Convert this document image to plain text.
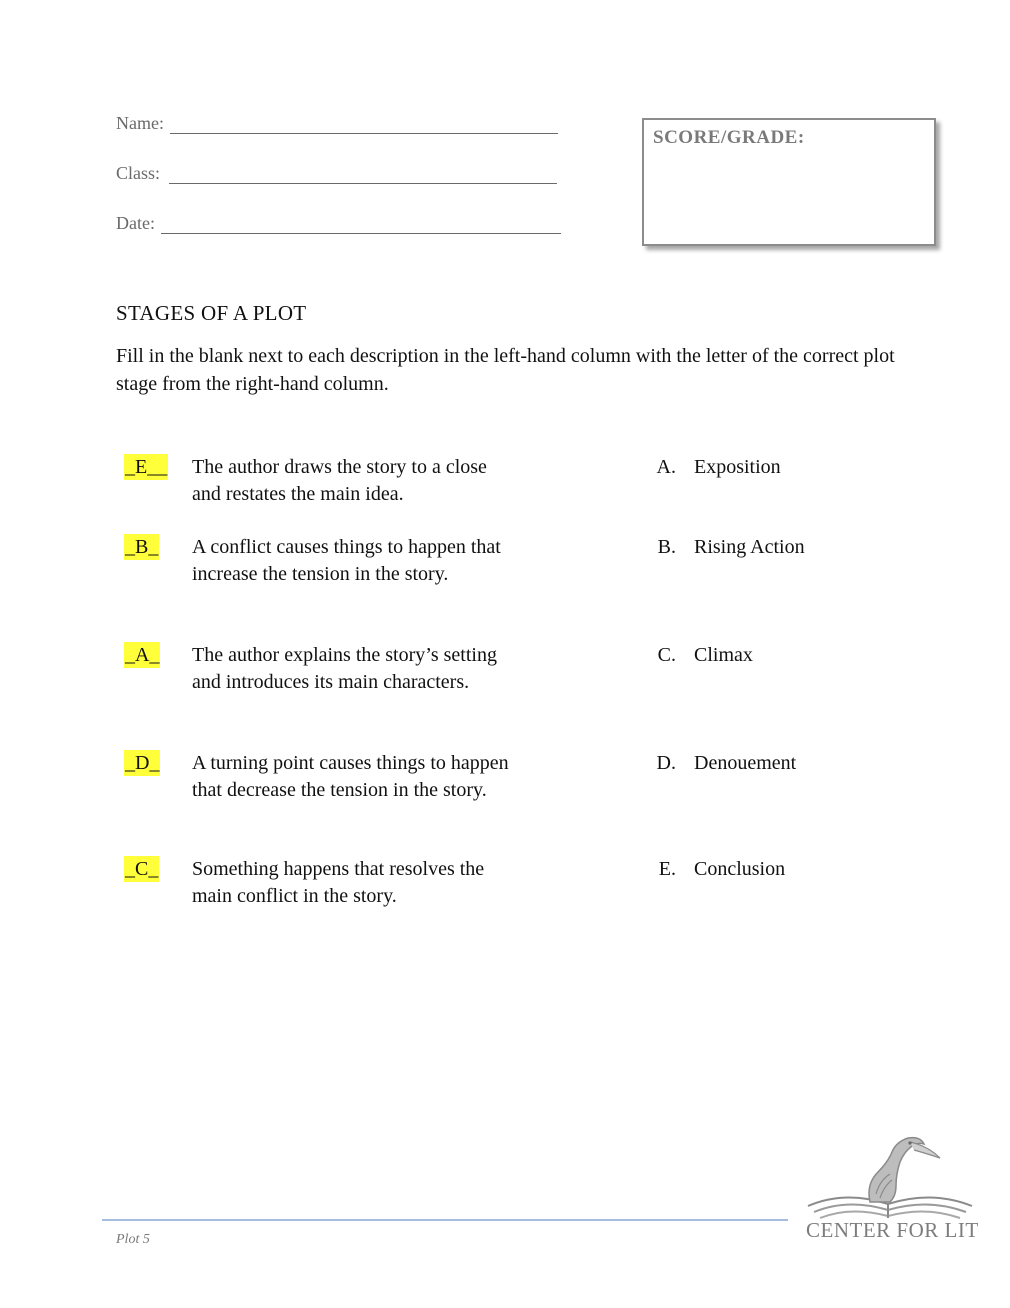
Name:
Class:
Date:
SCORE/GRADE:
STAGES OF A PLOT

Fill in the blank next to each description in the left-hand column with the letter of the correct plot stage from the right-hand column.

_E__ The author draws the story to a close and restates the main idea.

A. Exposition
_B_ A conflict causes things to happen that increase the tension in the story.

B. Rising Action
_A_ The author explains the story’s setting and introduces its main characters.

C. Climax
_D_ A turning point causes things to happen that decrease the tension in the story.

D. Denouement
_C_ Something happens that resolves the main conflict in the story.

E. Conclusion
Plot 5	CENTER FOR LIT
